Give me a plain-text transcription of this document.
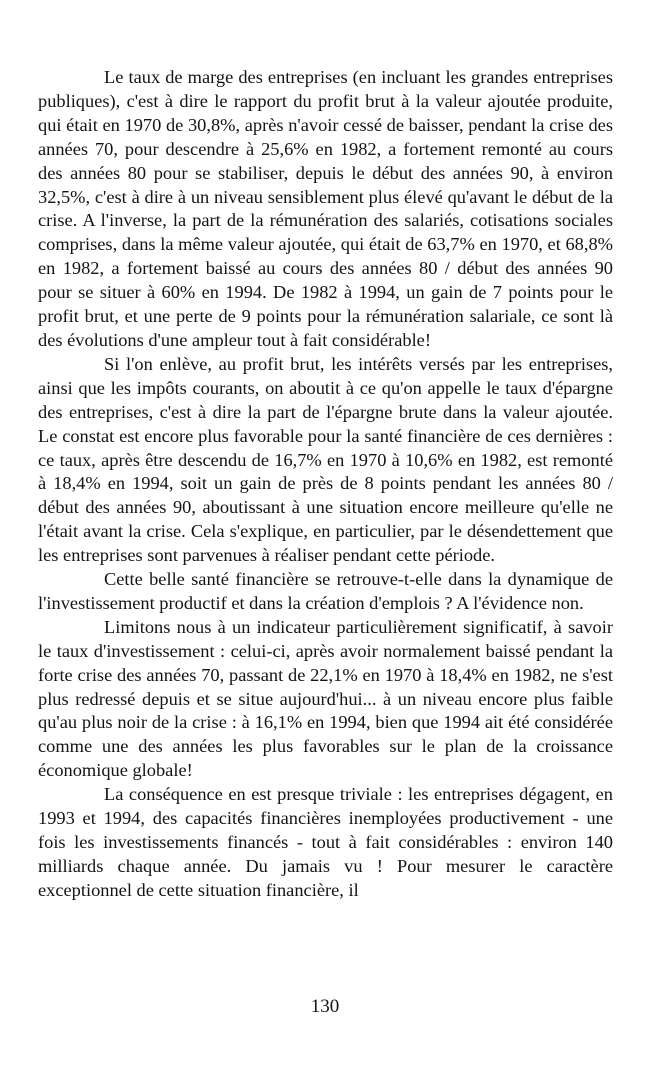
Le taux de marge des entreprises (en incluant les grandes entreprises publiques), c'est à dire le rapport du profit brut à la valeur ajoutée produite, qui était en 1970 de 30,8%, après n'avoir cessé de baisser, pendant la crise des années 70, pour descendre à 25,6% en 1982, a fortement remonté au cours des années 80 pour se stabiliser, depuis le début des années 90, à environ 32,5%, c'est à dire à un niveau sensiblement plus élevé qu'avant le début de la crise. A l'inverse, la part de la rémunération des salariés, cotisations sociales comprises, dans la même valeur ajoutée, qui était de 63,7% en 1970, et 68,8% en 1982, a fortement baissé au cours des années 80 / début des années 90 pour se situer à 60% en 1994. De 1982 à 1994, un gain de 7 points pour le profit brut, et une perte de 9 points pour la rémunération salariale, ce sont là des évolutions d'une ampleur tout à fait considérable!

Si l'on enlève, au profit brut, les intérêts versés par les entreprises, ainsi que les impôts courants, on aboutit à ce qu'on appelle le taux d'épargne des entreprises, c'est à dire la part de l'épargne brute dans la valeur ajoutée. Le constat est encore plus favorable pour la santé financière de ces dernières : ce taux, après être descendu de 16,7% en 1970 à 10,6% en 1982, est remonté à 18,4% en 1994, soit un gain de près de 8 points pendant les années 80 / début des années 90, aboutissant à une situation encore meilleure qu'elle ne l'était avant la crise. Cela s'explique, en particulier, par le désendettement que les entreprises sont parvenues à réaliser pendant cette période.

Cette belle santé financière se retrouve-t-elle dans la dynamique de l'investissement productif et dans la création d'emplois ? A l'évidence non.

Limitons nous à un indicateur particulièrement significatif, à savoir le taux d'investissement : celui-ci, après avoir normalement baissé pendant la forte crise des années 70, passant de 22,1% en 1970 à 18,4% en 1982, ne s'est plus redressé depuis et se situe aujourd'hui... à un niveau encore plus faible qu'au plus noir de la crise : à 16,1% en 1994, bien que 1994 ait été considérée comme une des années les plus favorables sur le plan de la croissance économique globale!

La conséquence en est presque triviale : les entreprises dégagent, en 1993 et 1994, des capacités financières inemployées productivement - une fois les investissements financés - tout à fait considérables : environ 140 milliards chaque année. Du jamais vu ! Pour mesurer le caractère exceptionnel de cette situation financière, il

130
